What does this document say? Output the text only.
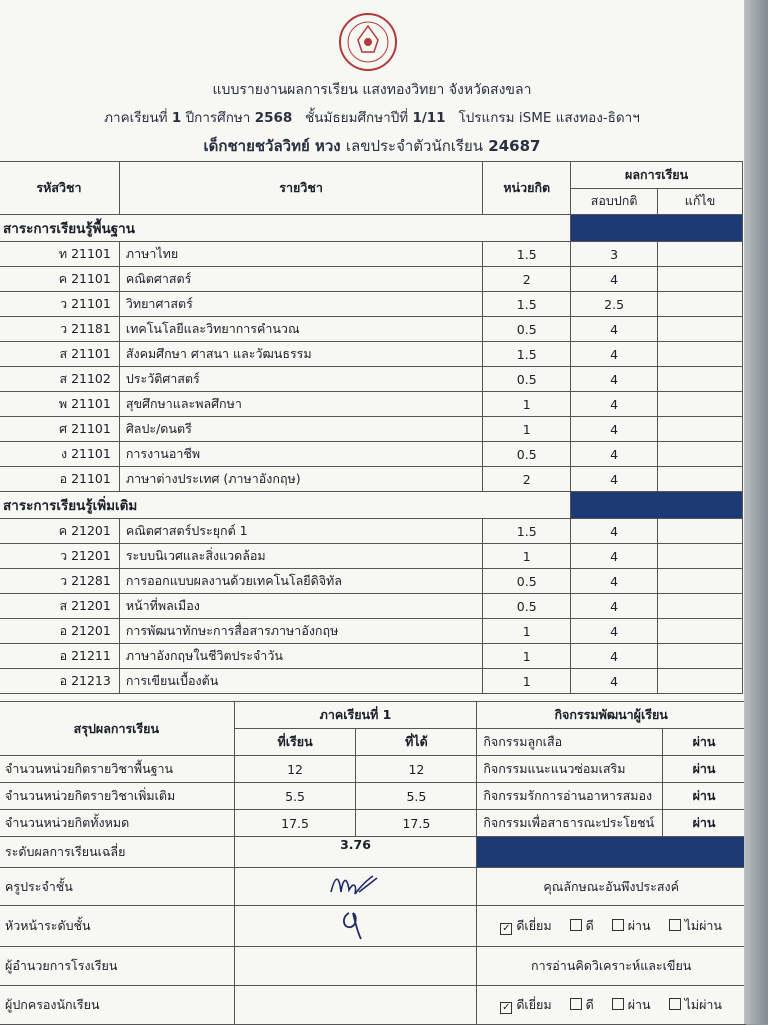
แบบรายงานผลการเรียน แสงทองวิทยา จังหวัดสงขลา
ภาคเรียนที่ 1 ปีการศึกษา 2568 ชั้นมัธยมศึกษาปีที่ 1/11 โปรแกรม iSME แสงทอง-ธิดาฯ
เด็กชายชวัลวิทย์ หวง เลขประจำตัวนักเรียน 24687
รหัสวิชา	รายวิชา	หน่วยกิต	ผลการเรียน	
			สอบปกติ	แก้ไข
สาระการเรียนรู้พื้นฐาน				
ท 21101	ภาษาไทย	1.5	3	
ค 21101	คณิตศาสตร์	2	4	
ว 21101	วิทยาศาสตร์	1.5	2.5	
ว 21181	เทคโนโลยีและวิทยาการคำนวณ	0.5	4	
ส 21101	สังคมศึกษา ศาสนา และวัฒนธรรม	1.5	4	
ส 21102	ประวัติศาสตร์	0.5	4	
พ 21101	สุขศึกษาและพลศึกษา	1	4	
ศ 21101	ศิลปะ/ดนตรี	1	4	
ง 21101	การงานอาชีพ	0.5	4	
อ 21101	ภาษาต่างประเทศ (ภาษาอังกฤษ)	2	4	
สาระการเรียนรู้เพิ่มเติม				
ค 21201	คณิตศาสตร์ประยุกต์ 1	1.5	4	
ว 21201	ระบบนิเวศและสิ่งแวดล้อม	1	4	
ว 21281	การออกแบบผลงานด้วยเทคโนโลยีดิจิทัล	0.5	4	
ส 21201	หน้าที่พลเมือง	0.5	4	
อ 21201	การพัฒนาทักษะการสื่อสารภาษาอังกฤษ	1	4	
อ 21211	ภาษาอังกฤษในชีวิตประจำวัน	1	4	
อ 21213	การเขียนเบื้องต้น	1	4	
สรุปผลการเรียน	ภาคเรียนที่ 1		กิจกรรมพัฒนาผู้เรียน	
	ที่เรียน	ที่ได้	กิจกรรมลูกเสือ	ผ่าน
จำนวนหน่วยกิตรายวิชาพื้นฐาน	12	12	กิจกรรมแนะแนวซ่อมเสริม	ผ่าน
จำนวนหน่วยกิตรายวิชาเพิ่มเติม	5.5	5.5	กิจกรรมรักการอ่านอาหารสมอง	ผ่าน
จำนวนหน่วยกิตทั้งหมด	17.5	17.5	กิจกรรมเพื่อสาธารณะประโยชน์	ผ่าน
ระดับผลการเรียนเฉลี่ย	3.76			
ครูประจำชั้น			คุณลักษณะอันพึงประสงค์	
หัวหน้าระดับชั้น			✓ ดีเยี่ยม ดี ผ่าน ไม่ผ่าน	
ผู้อำนวยการโรงเรียน			การอ่านคิดวิเคราะห์และเขียน	
ผู้ปกครองนักเรียน			✓ ดีเยี่ยม ดี ผ่าน ไม่ผ่าน	
